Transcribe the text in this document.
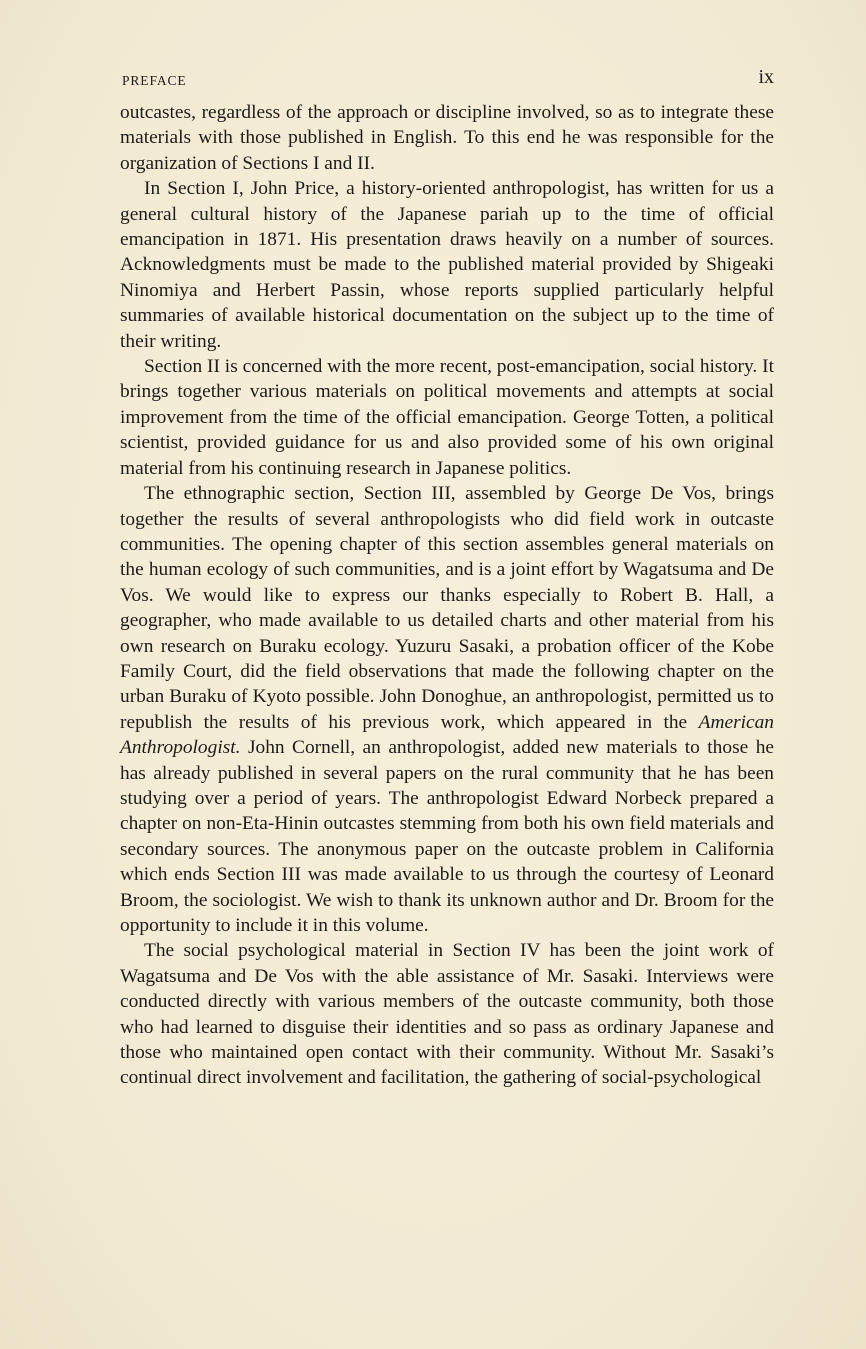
PREFACE	ix

outcastes, regardless of the approach or discipline involved, so as to integrate these materials with those published in English. To this end he was responsible for the organization of Sections I and II.

In Section I, John Price, a history-oriented anthropologist, has written for us a general cultural history of the Japanese pariah up to the time of official emancipation in 1871. His presentation draws heavily on a number of sources. Acknowledgments must be made to the published material provided by Shigeaki Ninomiya and Herbert Passin, whose reports supplied particularly helpful summaries of available historical documentation on the subject up to the time of their writing.

Section II is concerned with the more recent, post-emancipation, social history. It brings together various materials on political movements and attempts at social improvement from the time of the official emancipation. George Totten, a political scientist, provided guidance for us and also provided some of his own original material from his continuing research in Japanese politics.

The ethnographic section, Section III, assembled by George De Vos, brings together the results of several anthropologists who did field work in outcaste communities. The opening chapter of this section assembles general materials on the human ecology of such communities, and is a joint effort by Wagatsuma and De Vos. We would like to express our thanks especially to Robert B. Hall, a geographer, who made available to us detailed charts and other material from his own research on Buraku ecology. Yuzuru Sasaki, a probation officer of the Kobe Family Court, did the field observations that made the following chapter on the urban Buraku of Kyoto possible. John Donoghue, an anthropologist, permitted us to republish the results of his previous work, which appeared in the American Anthropologist. John Cornell, an anthropologist, added new materials to those he has already published in several papers on the rural community that he has been studying over a period of years. The anthropologist Edward Norbeck prepared a chapter on non-Eta-Hinin outcastes stemming from both his own field materials and secondary sources. The anonymous paper on the outcaste problem in California which ends Section III was made available to us through the courtesy of Leonard Broom, the sociologist. We wish to thank its unknown author and Dr. Broom for the opportunity to include it in this volume.

The social psychological material in Section IV has been the joint work of Wagatsuma and De Vos with the able assistance of Mr. Sasaki. Interviews were conducted directly with various members of the outcaste community, both those who had learned to disguise their identities and so pass as ordinary Japanese and those who maintained open contact with their community. Without Mr. Sasaki’s continual direct involvement and facilitation, the gathering of social-psychological
